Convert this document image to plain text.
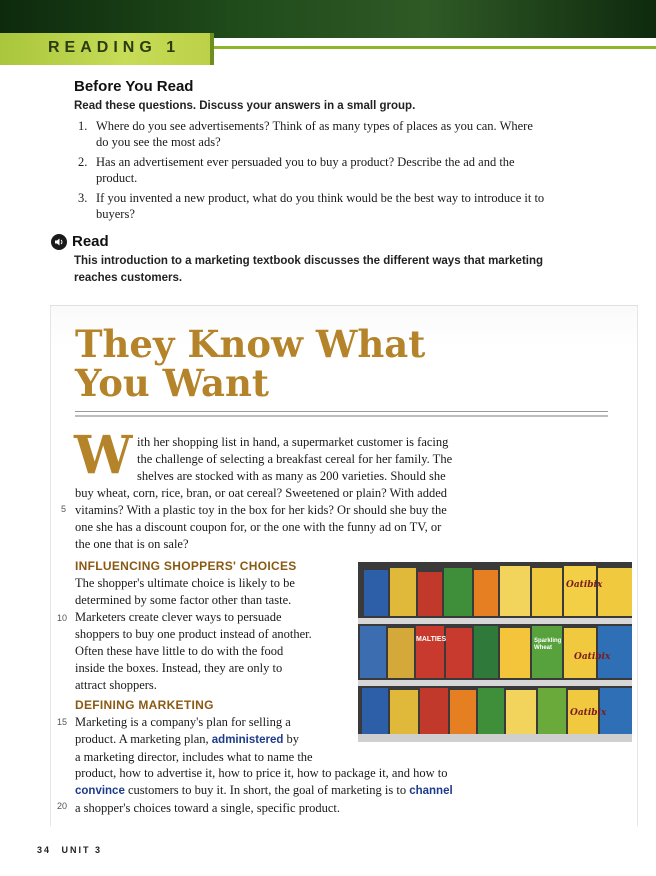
READING 1
Before You Read
Read these questions. Discuss your answers in a small group.
1. Where do you see advertisements? Think of as many types of places as you can. Where do you see the most ads?
2. Has an advertisement ever persuaded you to buy a product? Describe the ad and the product.
3. If you invented a new product, what do you think would be the best way to introduce it to buyers?
Read
This introduction to a marketing textbook discusses the different ways that marketing reaches customers.
They Know What
You Want
W ith her shopping list in hand, a supermarket customer is facing
the challenge of selecting a breakfast cereal for her family. The
shelves are stocked with as many as 200 varieties. Should she
buy wheat, corn, rice, bran, or oat cereal? Sweetened or plain? With added
vitamins? With a plastic toy in the box for her kids? Or should she buy the
one she has a discount coupon for, or the one with the funny ad on TV, or
the one that is on sale?
5
INFLUENCING SHOPPERS' CHOICES
The shopper's ultimate choice is likely to be
determined by some factor other than taste.
Marketers create clever ways to persuade
shoppers to buy one product instead of another.
Often these have little to do with the food
inside the boxes. Instead, they are only to
attract shoppers.
10
DEFINING MARKETING
Marketing is a company's plan for selling a
product. A marketing plan, administered by
a marketing director, includes what to name the
product, how to advertise it, how to price it, how to package it, and how to
convince customers to buy it. In short, the goal of marketing is to channel
a shopper's choices toward a single, specific product.
15
20
MALTIES	Sparkling Wheat
Oatibix
Oatibix
Oatibix
34 UNIT 3
